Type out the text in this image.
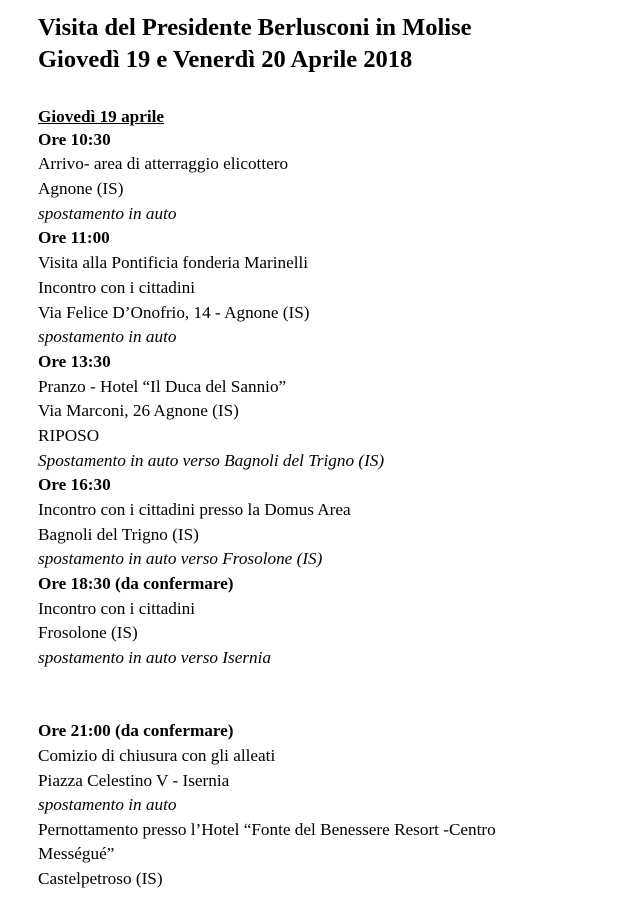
Visita del Presidente Berlusconi in Molise
Giovedì 19 e Venerdì 20 Aprile 2018
Giovedì 19 aprile
Ore 10:30
Arrivo- area di atterraggio elicottero
Agnone (IS)
spostamento in auto
Ore 11:00
Visita alla Pontificia fonderia Marinelli
Incontro con i cittadini
Via Felice D’Onofrio, 14 - Agnone (IS)
spostamento in auto
Ore 13:30
Pranzo - Hotel “Il Duca del Sannio”
Via Marconi, 26 Agnone (IS)
RIPOSO
Spostamento in auto verso Bagnoli del Trigno (IS)
Ore 16:30
Incontro con i cittadini presso la Domus Area
Bagnoli del Trigno (IS)
spostamento in auto verso Frosolone (IS)
Ore 18:30 (da confermare)
Incontro con i cittadini
Frosolone (IS)
spostamento in auto verso Isernia
Ore 21:00 (da confermare)
Comizio di chiusura con gli alleati
Piazza Celestino V - Isernia
spostamento in auto
Pernottamento presso l’Hotel “Fonte del Benessere Resort -Centro
Mességué”
Castelpetroso (IS)
